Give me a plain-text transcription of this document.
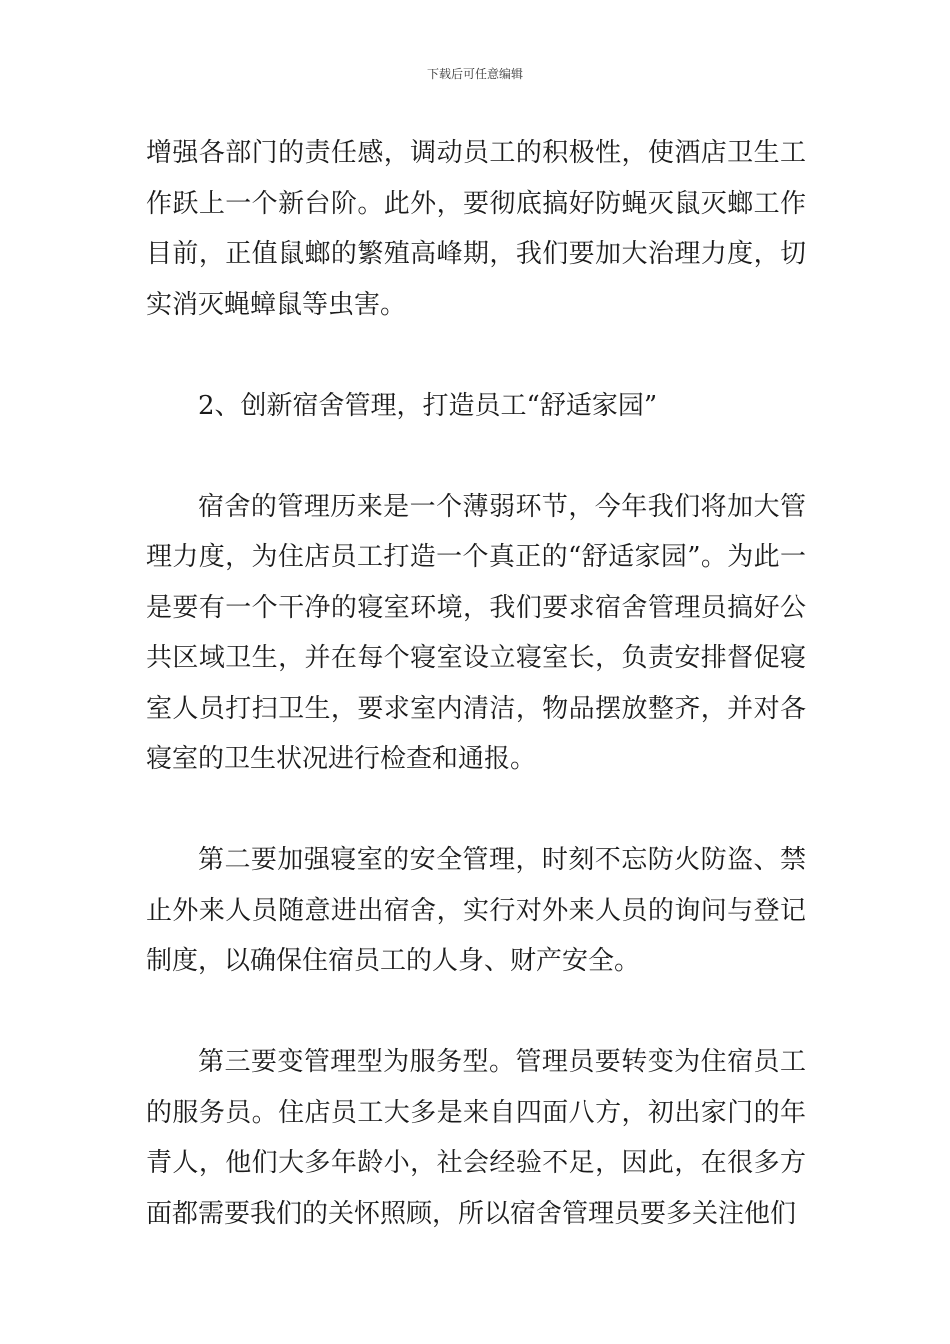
下载后可任意编辑

增强各部门的责任感，调动员工的积极性，使酒店卫生工作跃上一个新台阶。此外，要彻底搞好防蝇灭鼠灭螂工作目前，正值鼠螂的繁殖高峰期，我们要加大治理力度，切实消灭蝇蟑鼠等虫害。

2、创新宿舍管理，打造员工“舒适家园”

宿舍的管理历来是一个薄弱环节，今年我们将加大管理力度，为住店员工打造一个真正的“舒适家园”。为此一是要有一个干净的寝室环境，我们要求宿舍管理员搞好公共区域卫生，并在每个寝室设立寝室长，负责安排督促寝室人员打扫卫生，要求室内清洁，物品摆放整齐，并对各寝室的卫生状况进行检查和通报。

第二要加强寝室的安全管理，时刻不忘防火防盗、禁止外来人员随意进出宿舍，实行对外来人员的询问与登记制度，以确保住宿员工的人身、财产安全。

第三要变管理型为服务型。管理员要转变为住宿员工的服务员。住店员工大多是来自四面八方，初出家门的年青人，他们大多年龄小，社会经验不足，因此，在很多方面都需要我们的关怀照顾，所以宿舍管理员要多关注他们
